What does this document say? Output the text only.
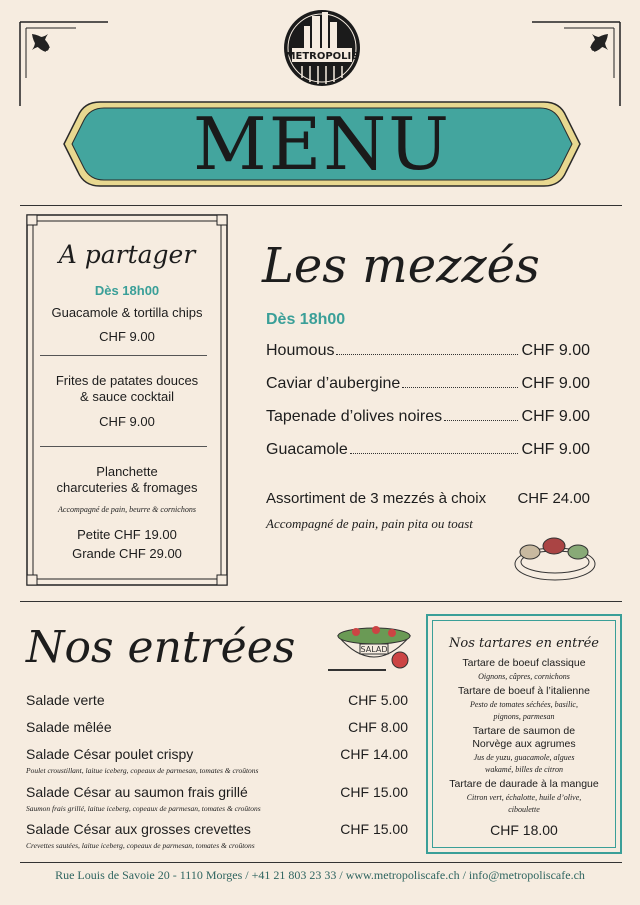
METROPOLIS
MENU
A partager
Dès 18h00
Guacamole & tortilla chips
CHF 9.00
Frites de patates douces
& sauce cocktail
CHF 9.00
Planchette
charcuteries & fromages
Accompagné de pain, beurre & cornichons
Petite CHF 19.00
Grande CHF 29.00
Les mezzés
Dès 18h00
Houmous	CHF 9.00
Caviar d’aubergine	CHF 9.00
Tapenade d’olives noires	CHF 9.00
Guacamole	CHF 9.00
Assortiment de 3 mezzés à choix	CHF 24.00
Accompagné de pain, pain pita ou toast
Nos entrées	SALAD
Salade verte	CHF 5.00
Salade mêlée	CHF 8.00
Salade César poulet crispy	CHF 14.00
Poulet croustillant, laitue iceberg, copeaux de parmesan, tomates & croûtons
Salade César au saumon frais grillé	CHF 15.00
Saumon frais grillé, laitue iceberg, copeaux de parmesan, tomates & croûtons
Salade César aux grosses crevettes	CHF 15.00
Crevettes sautées, laitue iceberg, copeaux de parmesan, tomates & croûtons
Nos tartares en entrée
Tartare de boeuf classique
Oignons, câpres, cornichons
Tartare de boeuf à l’italienne
Pesto de tomates séchées, basilic,
pignons, parmesan
Tartare de saumon de
Norvège aux agrumes
Jus de yuzu, guacamole, algues
wakamé, billes de citron
Tartare de daurade à la mangue
Citron vert, échalotte, huile d’olive,
ciboulette
CHF 18.00
Rue Louis de Savoie 20 - 1110 Morges / +41 21 803 23 33 / www.metropoliscafe.ch / info@metropoliscafe.ch
